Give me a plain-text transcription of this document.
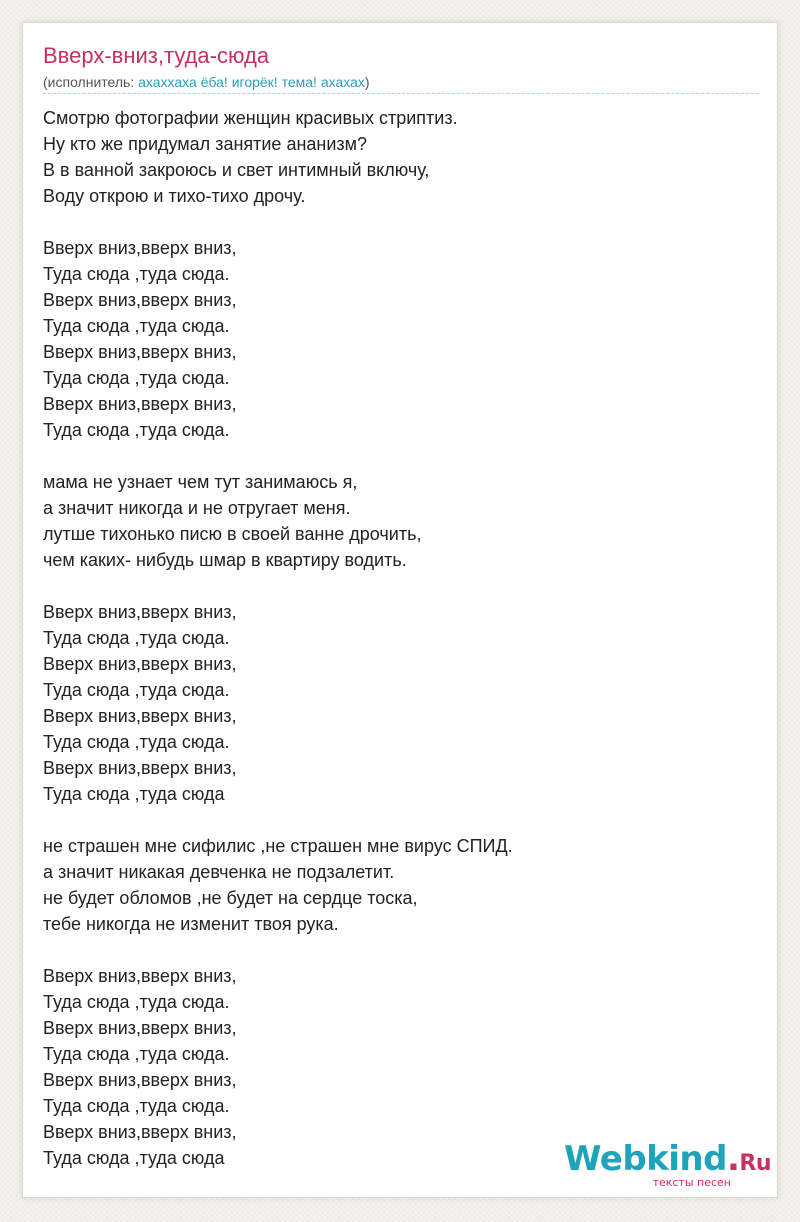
Вверх-вниз,туда-сюда
(исполнитель: ахаххаха ёба! игорёк! тема! ахахах)
Смотрю фотографии женщин красивых стриптиз.
Ну кто же придумал занятие ананизм?
В в ванной закроюсь и свет интимный включу,
Воду открою и тихо-тихо дрочу.
Вверх вниз,вверх вниз,
Туда сюда ,туда сюда.
Вверх вниз,вверх вниз,
Туда сюда ,туда сюда.
Вверх вниз,вверх вниз,
Туда сюда ,туда сюда.
Вверх вниз,вверх вниз,
Туда сюда ,туда сюда.
мама не узнает чем тут занимаюсь я,
а значит никогда и не отругает меня.
лутше тихонько писю в своей ванне дрочить,
чем каких- нибудь шмар в квартиру водить.
Вверх вниз,вверх вниз,
Туда сюда ,туда сюда.
Вверх вниз,вверх вниз,
Туда сюда ,туда сюда.
Вверх вниз,вверх вниз,
Туда сюда ,туда сюда.
Вверх вниз,вверх вниз,
Туда сюда ,туда сюда
не страшен мне сифилис ,не страшен мне вирус СПИД.
а значит никакая девченка не подзалетит.
не будет обломов ,не будет на сердце тоска,
тебе никогда не изменит твоя рука.
Вверх вниз,вверх вниз,
Туда сюда ,туда сюда.
Вверх вниз,вверх вниз,
Туда сюда ,туда сюда.
Вверх вниз,вверх вниз,
Туда сюда ,туда сюда.
Вверх вниз,вверх вниз,
Туда сюда ,туда сюда	Webkind.Ru
тексты песен
